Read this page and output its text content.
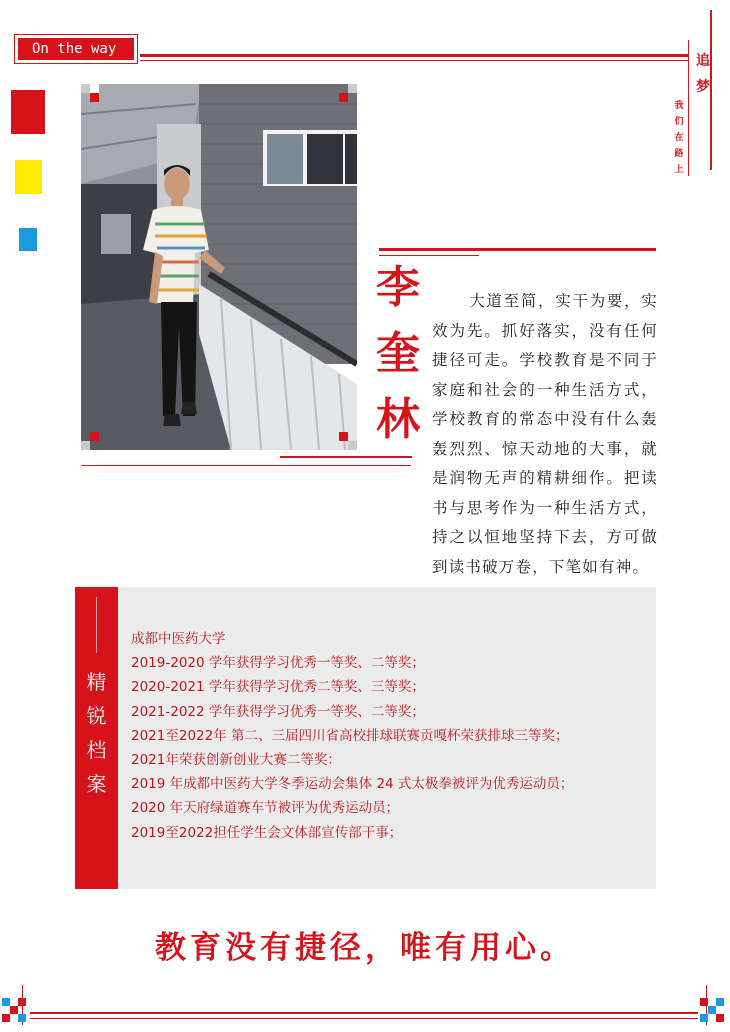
On the way
追
梦
我
们
在
路
上
李
奎
林

大道至简，实干为要，实效为先。抓好落实，没有任何捷径可走。学校教育是不同于家庭和社会的一种生活方式，学校教育的常态中没有什么轰轰烈烈、惊天动地的大事，就是润物无声的精耕细作。把读书与思考作为一种生活方式，持之以恒地坚持下去，方可做到读书破万卷，下笔如有神。

精
锐
档
案
成都中医药大学
2019-2020 学年获得学习优秀一等奖、二等奖；
2020-2021 学年获得学习优秀二等奖、三等奖；
2021-2022 学年获得学习优秀一等奖、二等奖；
2021至2022年 第二、三届四川省高校排球联赛贡嘎杯荣获排球三等奖；
2021年荣获创新创业大赛二等奖：
2019 年成都中医药大学冬季运动会集体 24 式太极拳被评为优秀运动员；
2020 年天府绿道赛车节被评为优秀运动员；
2019至2022担任学生会文体部宣传部干事；
教育没有捷径，唯有用心。
